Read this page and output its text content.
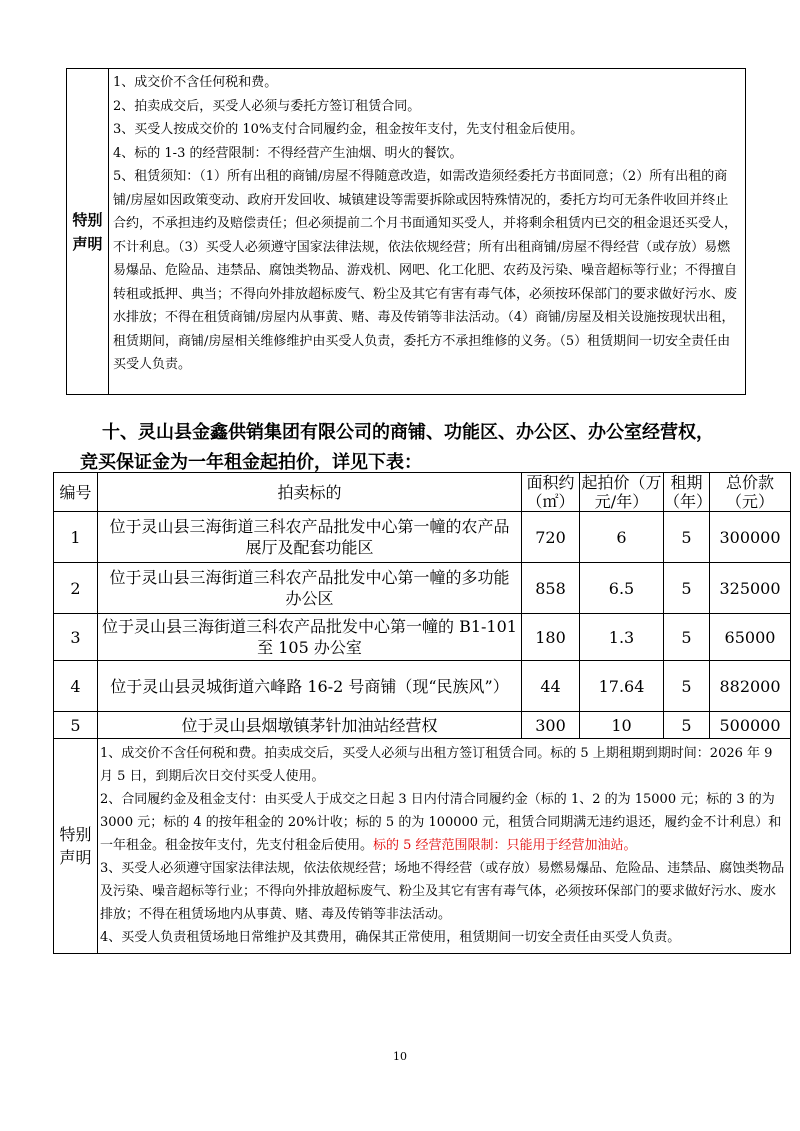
特别声明	
1、成交价不含任何税和费。
2、拍卖成交后，买受人必须与委托方签订租赁合同。
3、买受人按成交价的 10%支付合同履约金，租金按年支付，先支付租金后使用。
4、标的 1-3 的经营限制：不得经营产生油烟、明火的餐饮。
5、租赁须知：（1）所有出租的商铺/房屋不得随意改造，如需改造须经委托方书面同意；（2）所有出租的商铺/房屋如因政策变动、政府开发回收、城镇建设等需要拆除或因特殊情况的，委托方均可无条件收回并终止合约，不承担违约及赔偿责任；但必须提前二个月书面通知买受人，并将剩余租赁内已交的租金退还买受人，不计利息。（3）买受人必须遵守国家法律法规，依法依规经营；所有出租商铺/房屋不得经营（或存放）易燃易爆品、危险品、违禁品、腐蚀类物品、游戏机、网吧、化工化肥、农药及污染、噪音超标等行业；不得擅自转租或抵押、典当；不得向外排放超标废气、粉尘及其它有害有毒气体，必须按环保部门的要求做好污水、废水排放；不得在租赁商铺/房屋内从事黄、赌、毒及传销等非法活动。（4）商铺/房屋及相关设施按现状出租，租赁期间，商铺/房屋相关维修维护由买受人负责，委托方不承担维修的义务。（5）租赁期间一切安全责任由买受人负责。

十、灵山县金鑫供销集团有限公司的商铺、功能区、办公区、办公室经营权，

竞买保证金为一年租金起拍价，详见下表：

编号	拍卖标的	面积约（㎡）	起拍价（万元/年）	租期（年）	总价款（元）
1	位于灵山县三海街道三科农产品批发中心第一幢的农产品展厅及配套功能区	720	6	5	300000
2	位于灵山县三海街道三科农产品批发中心第一幢的多功能办公区	858	6.5	5	325000
3	位于灵山县三海街道三科农产品批发中心第一幢的 B1-101 至 105 办公室	180	1.3	5	65000
4	位于灵山县灵城街道六峰路 16-2 号商铺（现“民族风”）	44	17.64	5	882000
5	位于灵山县烟墩镇茅针加油站经营权	300	10	5	500000
特别声明	1、成交价不含任何税和费。拍卖成交后，买受人必须与出租方签订租赁合同。标的 5 上期租期到期时间：2026 年 9 月 5 日，到期后次日交付买受人使用。
2、合同履约金及租金支付：由买受人于成交之日起 3 日内付清合同履约金（标的 1、2 的为 15000 元；标的 3 的为 3000 元；标的 4 的按年租金的 20%计收；标的 5 的为 100000 元，租赁合同期满无违约退还，履约金不计利息）和一年租金。租金按年支付，先支付租金后使用。标的 5 经营范围限制：只能用于经营加油站。
3、买受人必须遵守国家法律法规，依法依规经营；场地不得经营（或存放）易燃易爆品、危险品、违禁品、腐蚀类物品及污染、噪音超标等行业；不得向外排放超标废气、粉尘及其它有害有毒气体，必须按环保部门的要求做好污水、废水排放；不得在租赁场地内从事黄、赌、毒及传销等非法活动。
4、买受人负责租赁场地日常维护及其费用，确保其正常使用，租赁期间一切安全责任由买受人负责。				
10
